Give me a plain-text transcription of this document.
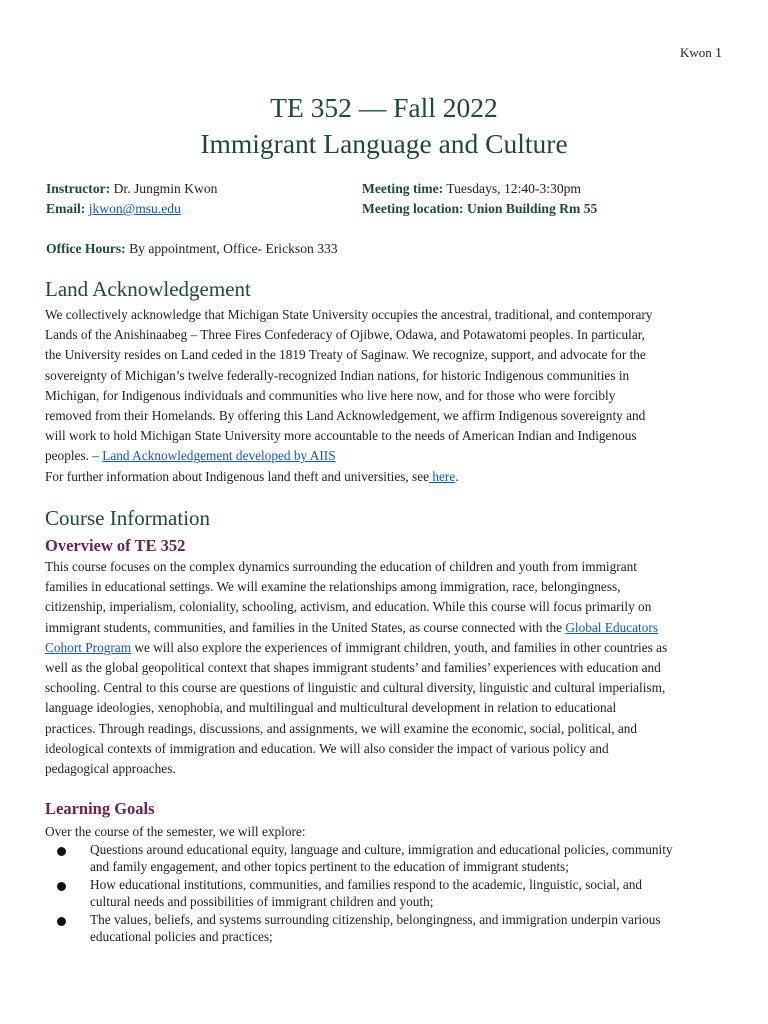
Kwon 1
TE 352 — Fall 2022
Immigrant Language and Culture
Instructor: Dr. Jungmin Kwon	Meeting time: Tuesdays, 12:40-3:30pm
Email: jkwon@msu.edu	Meeting location: Union Building Rm 55
Office Hours: By appointment, Office- Erickson 333
Land Acknowledgement
We collectively acknowledge that Michigan State University occupies the ancestral, traditional, and contemporary
Lands of the Anishinaabeg – Three Fires Confederacy of Ojibwe, Odawa, and Potawatomi peoples. In particular,
the University resides on Land ceded in the 1819 Treaty of Saginaw. We recognize, support, and advocate for the
sovereignty of Michigan’s twelve federally-recognized Indian nations, for historic Indigenous communities in
Michigan, for Indigenous individuals and communities who live here now, and for those who were forcibly
removed from their Homelands. By offering this Land Acknowledgement, we affirm Indigenous sovereignty and
will work to hold Michigan State University more accountable to the needs of American Indian and Indigenous
peoples. – Land Acknowledgement developed by AIIS
For further information about Indigenous land theft and universities, see here.
Course Information
Overview of TE 352
This course focuses on the complex dynamics surrounding the education of children and youth from immigrant
families in educational settings. We will examine the relationships among immigration, race, belongingness,
citizenship, imperialism, coloniality, schooling, activism, and education. While this course will focus primarily on
immigrant students, communities, and families in the United States, as course connected with the Global Educators
Cohort Program we will also explore the experiences of immigrant children, youth, and families in other countries as
well as the global geopolitical context that shapes immigrant students’ and families’ experiences with education and
schooling. Central to this course are questions of linguistic and cultural diversity, linguistic and cultural imperialism,
language ideologies, xenophobia, and multilingual and multicultural development in relation to educational
practices. Through readings, discussions, and assignments, we will examine the economic, social, political, and
ideological contexts of immigration and education. We will also consider the impact of various policy and
pedagogical approaches.
Learning Goals
Over the course of the semester, we will explore:
Questions around educational equity, language and culture, immigration and educational policies, community
and family engagement, and other topics pertinent to the education of immigrant students;
How educational institutions, communities, and families respond to the academic, linguistic, social, and
cultural needs and possibilities of immigrant children and youth;
The values, beliefs, and systems surrounding citizenship, belongingness, and immigration underpin various
educational policies and practices;
